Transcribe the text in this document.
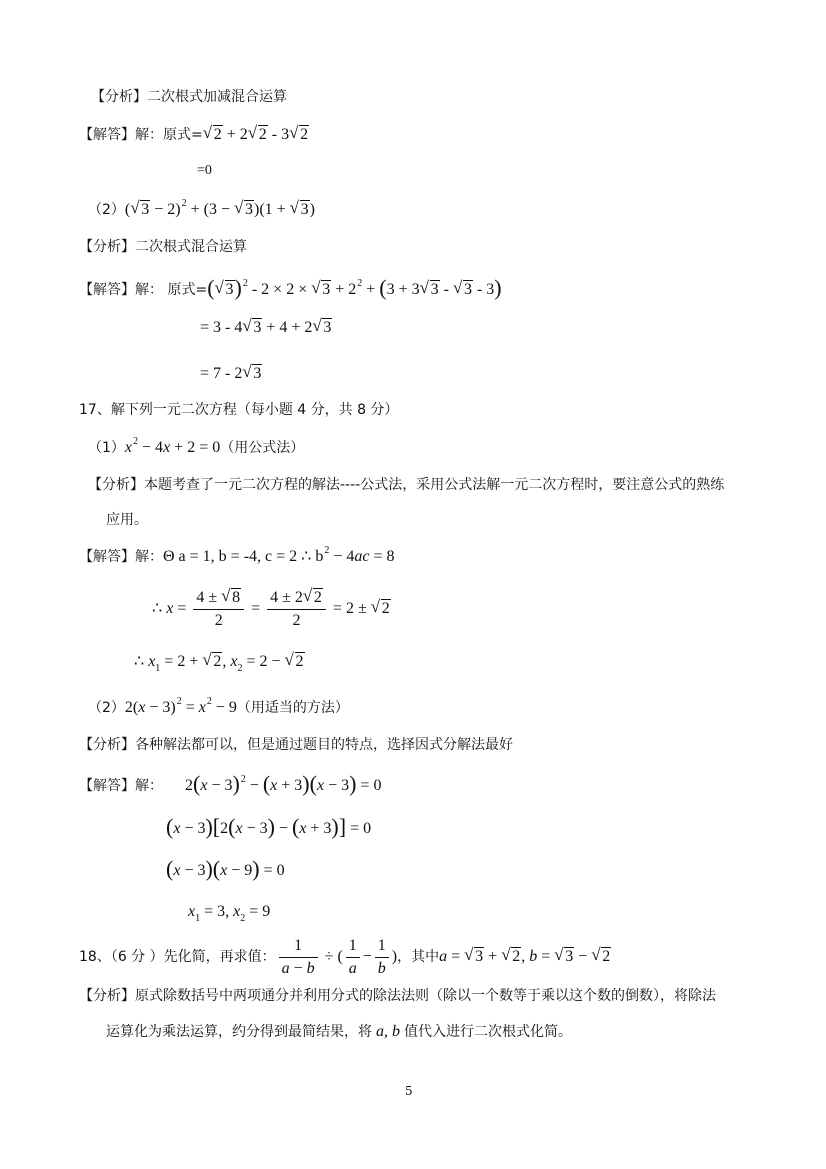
【分析】二次根式加减混合运算
【解答】解：原式=√ 2 + 2√ 2 - 3√ 2
=0
（2）(√ 3 − 2)$^2$ + (3 − √ 3)(1 + √ 3)
【分析】二次根式混合运算
【解答】解： 原式=(√ 3)$^2$ - 2 × 2 × √ $3 + 2^2 + (3 + 3√$ 3 - √ 3 - 3)
= 3 - 4√ 3 + 4 + 2√ 3
= 7 - 2√ 3
17、解下列一元二次方程（每小题 4 分，共 8 分）
$(1)x^2 - 4x + 2 = 0$（用公式法）
【分析】本题考查了一元二次方程的解法----公式法，采用公式法解一元二次方程时，要注意公式的熟练
应用。
【解答】解：Θ a = 1, b = -4, c = 2 ∴ $b^2 - 4ac = 8$
∴ $x = \frac{4 \pm √ 8}{2} = \frac{4 \pm 2√ 2}{2} = 2$ ± √ 2
∴ $x_1 = 2$ + √ 2, $x_2 = 2$ − √ 2
$(2)2(x - 3)^2 = x^2 - 9$（用适当的方法）
【分析】各种解法都可以，但是通过题目的特点，选择因式分解法最好
【解答】解： $2(x - 3)^2 - (x + 3)(x - 3) = 0$
(x − 3)[2(x − 3) − (x + 3)] = 0
(x − 3)(x − 9) = 0
$x_1 = 3$, $x_2 = 9$
18、（6 分 ）先化简，再求值： $\frac{1}{a - b}$ ÷ ( $\frac{1}{a} - \frac{1}{b}$ )，其中a = √ 3 + √ 2, b = √ 3 − √ 2
【分析】原式除数括号中两项通分并利用分式的除法法则（除以一个数等于乘以这个数的倒数），将除法
运算化为乘法运算，约分得到最简结果，将 a, b 值代入进行二次根式化简。
5
